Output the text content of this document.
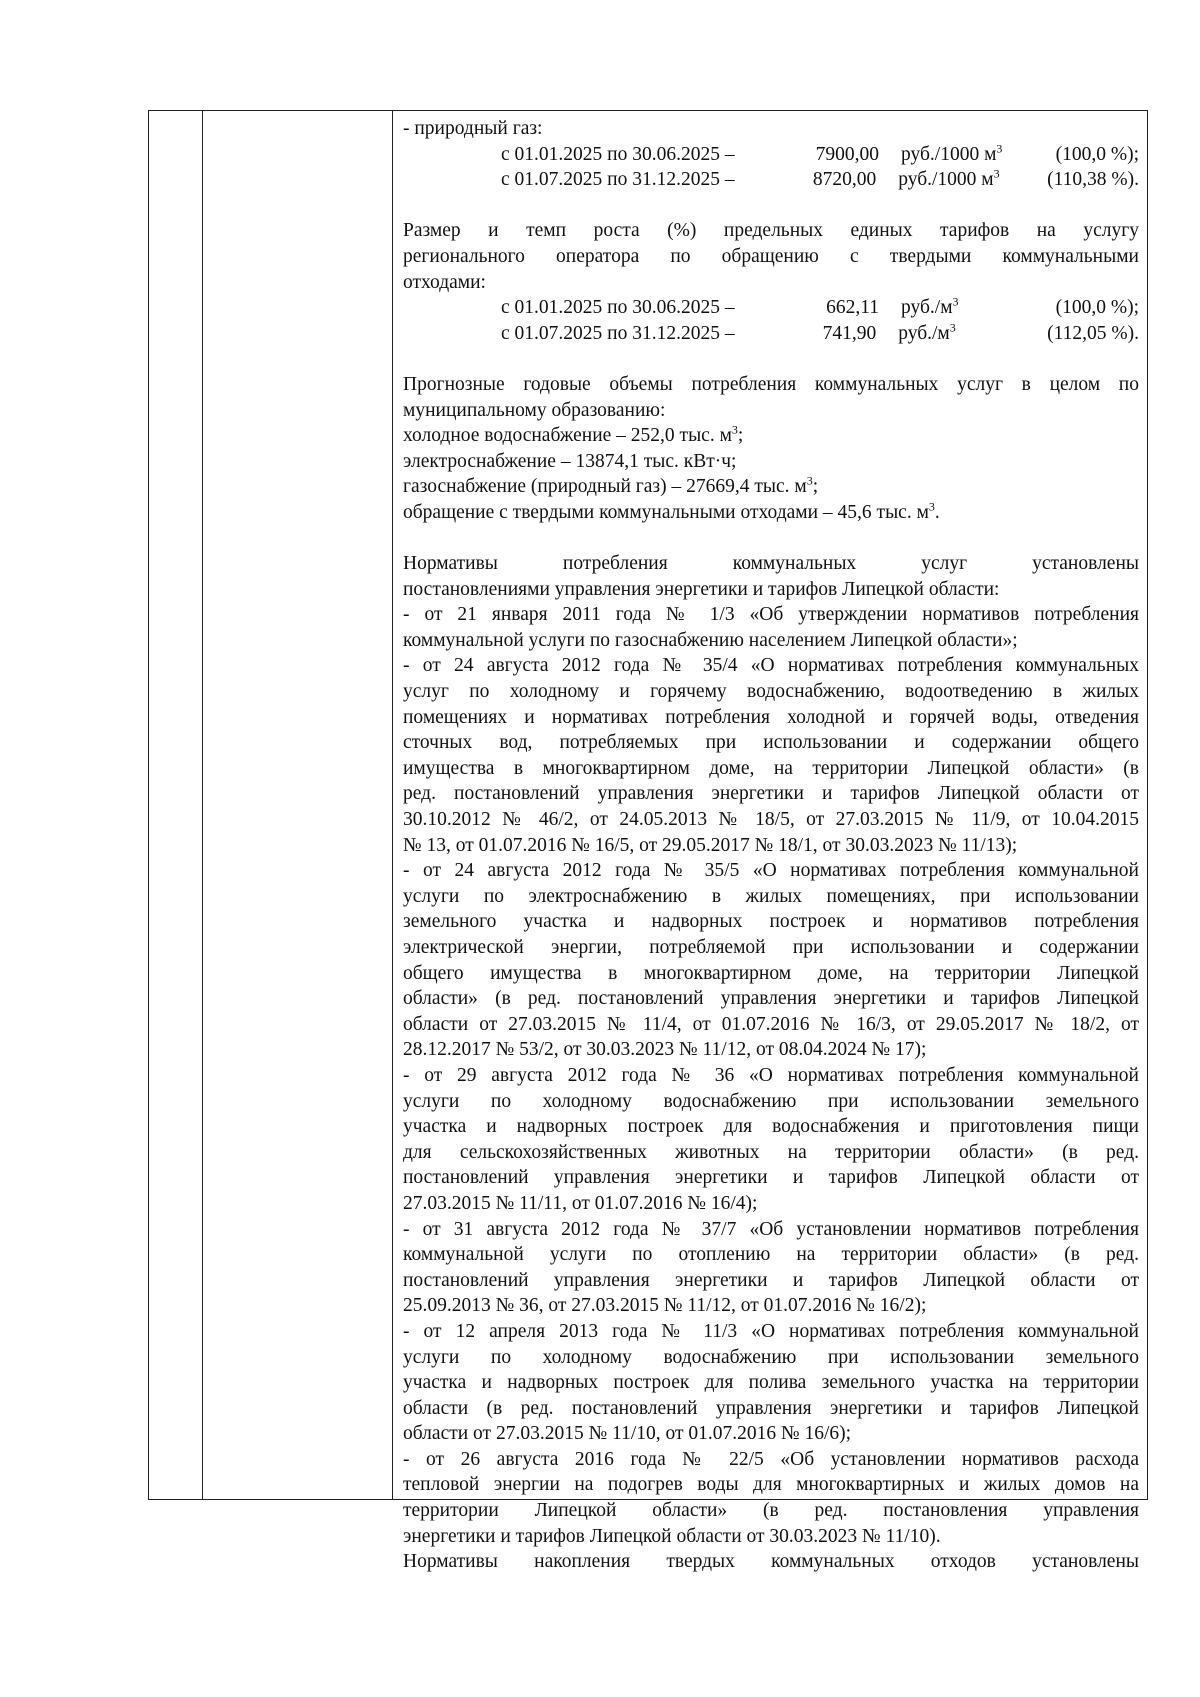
- природный газ:
с 01.01.2025 по 30.06.2025 –	7900,00	руб./1000 $м^3$	(100,0 %);
с 01.07.2025 по 31.12.2025 –	8720,00	руб./1000 $м^3$	(110,38 %).
Размер и темп роста (%) предельных единых тарифов на услугу
регионального оператора по обращению с твердыми коммунальными
отходами:
с 01.01.2025 по 30.06.2025 –	662,11	$руб./м^3$	(100,0 %);
с 01.07.2025 по 31.12.2025 –	741,90	$руб./м^3$	(112,05 %).
Прогнозные годовые объемы потребления коммунальных услуг в целом по
муниципальному образованию:
холодное водоснабжение – 252,0 тыс. $м^3$;
электроснабжение – 13874,1 тыс. кВт·ч;
газоснабжение (природный газ) – 27669,4 тыс. $м^3$;
обращение с твердыми коммунальными отходами – 45,6 тыс. $м^3$.
Нормативы потребления коммунальных услуг установлены
постановлениями управления энергетики и тарифов Липецкой области:
- от 21 января 2011 года № 1/3 «Об утверждении нормативов потребления
коммунальной услуги по газоснабжению населением Липецкой области»;
- от 24 августа 2012 года № 35/4 «О нормативах потребления коммунальных
услуг по холодному и горячему водоснабжению, водоотведению в жилых
помещениях и нормативах потребления холодной и горячей воды, отведения
сточных вод, потребляемых при использовании и содержании общего
имущества в многоквартирном доме, на территории Липецкой области» (в
ред. постановлений управления энергетики и тарифов Липецкой области от
30.10.2012 № 46/2, от 24.05.2013 № 18/5, от 27.03.2015 № 11/9, от 10.04.2015
№ 13, от 01.07.2016 № 16/5, от 29.05.2017 № 18/1, от 30.03.2023 № 11/13);
- от 24 августа 2012 года № 35/5 «О нормативах потребления коммунальной
услуги по электроснабжению в жилых помещениях, при использовании
земельного участка и надворных построек и нормативов потребления
электрической энергии, потребляемой при использовании и содержании
общего имущества в многоквартирном доме, на территории Липецкой
области» (в ред. постановлений управления энергетики и тарифов Липецкой
области от 27.03.2015 № 11/4, от 01.07.2016 № 16/3, от 29.05.2017 № 18/2, от
28.12.2017 № 53/2, от 30.03.2023 № 11/12, от 08.04.2024 № 17);
- от 29 августа 2012 года № 36 «О нормативах потребления коммунальной
услуги по холодному водоснабжению при использовании земельного
участка и надворных построек для водоснабжения и приготовления пищи
для сельскохозяйственных животных на территории области» (в ред.
постановлений управления энергетики и тарифов Липецкой области от
27.03.2015 № 11/11, от 01.07.2016 № 16/4);
- от 31 августа 2012 года № 37/7 «Об установлении нормативов потребления
коммунальной услуги по отоплению на территории области» (в ред.
постановлений управления энергетики и тарифов Липецкой области от
25.09.2013 № 36, от 27.03.2015 № 11/12, от 01.07.2016 № 16/2);
- от 12 апреля 2013 года № 11/3 «О нормативах потребления коммунальной
услуги по холодному водоснабжению при использовании земельного
участка и надворных построек для полива земельного участка на территории
области (в ред. постановлений управления энергетики и тарифов Липецкой
области от 27.03.2015 № 11/10, от 01.07.2016 № 16/6);
- от 26 августа 2016 года № 22/5 «Об установлении нормативов расхода
тепловой энергии на подогрев воды для многоквартирных и жилых домов на
территории Липецкой области» (в ред. постановления управления
энергетики и тарифов Липецкой области от 30.03.2023 № 11/10).
Нормативы накопления твердых коммунальных отходов установлены
